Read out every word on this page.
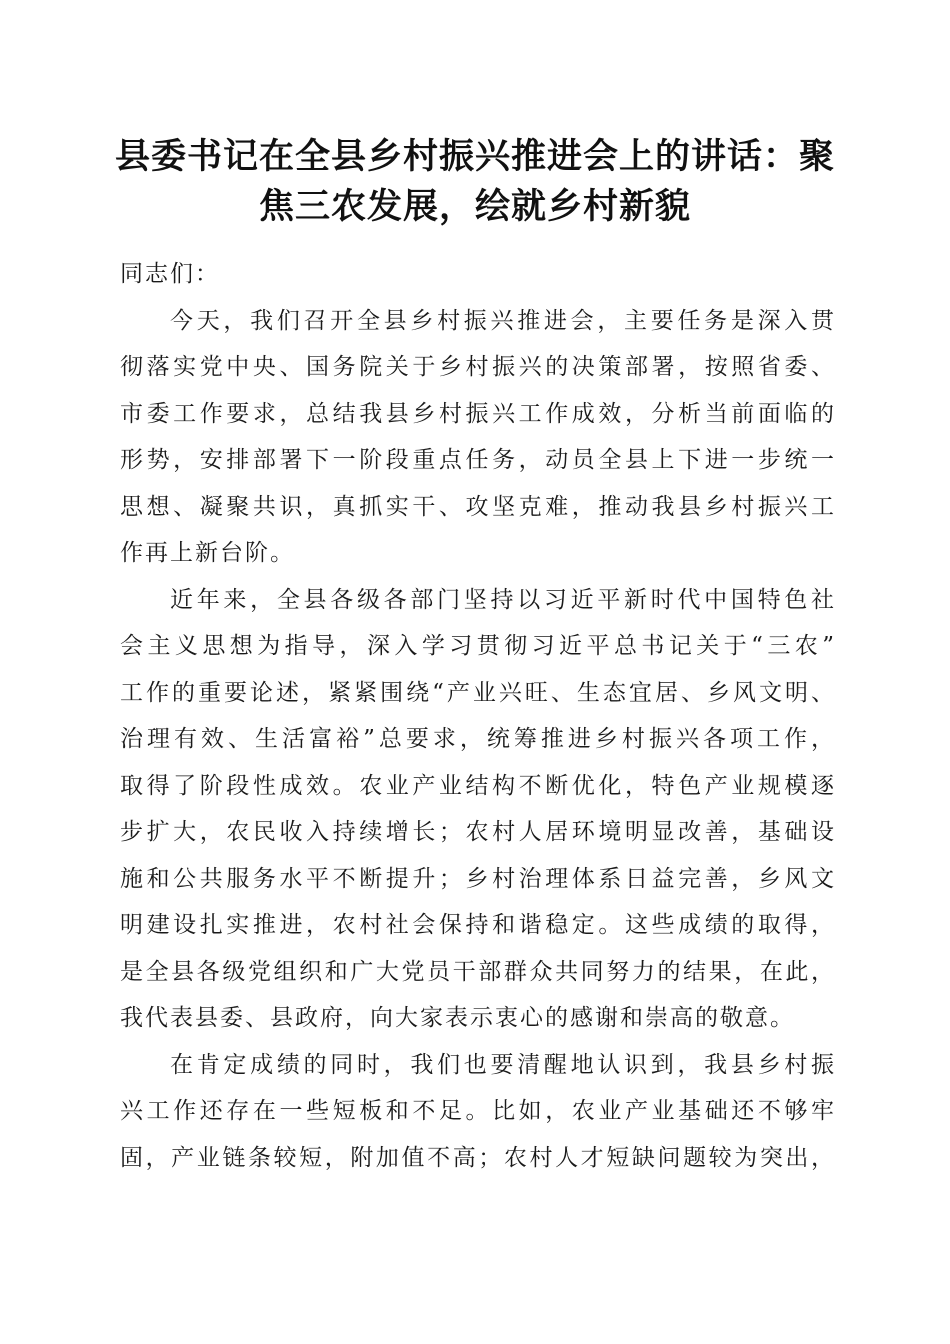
县委书记在全县乡村振兴推进会上的讲话：聚
焦三农发展，绘就乡村新貌
同志们：
今天，我们召开全县乡村振兴推进会，主要任务是深入贯
彻落实党中央、国务院关于乡村振兴的决策部署，按照省委、
市委工作要求，总结我县乡村振兴工作成效，分析当前面临的
形势，安排部署下一阶段重点任务，动员全县上下进一步统一
思想、凝聚共识，真抓实干、攻坚克难，推动我县乡村振兴工
作再上新台阶。
近年来，全县各级各部门坚持以习近平新时代中国特色社
会主义思想为指导，深入学习贯彻习近平总书记关于“三农”
工作的重要论述，紧紧围绕“产业兴旺、生态宜居、乡风文明、
治理有效、生活富裕”总要求，统筹推进乡村振兴各项工作，
取得了阶段性成效。农业产业结构不断优化，特色产业规模逐
步扩大，农民收入持续增长；农村人居环境明显改善，基础设
施和公共服务水平不断提升；乡村治理体系日益完善，乡风文
明建设扎实推进，农村社会保持和谐稳定。这些成绩的取得，
是全县各级党组织和广大党员干部群众共同努力的结果，在此，
我代表县委、县政府，向大家表示衷心的感谢和崇高的敬意。
在肯定成绩的同时，我们也要清醒地认识到，我县乡村振
兴工作还存在一些短板和不足。比如，农业产业基础还不够牢
固，产业链条较短，附加值不高；农村人才短缺问题较为突出，
